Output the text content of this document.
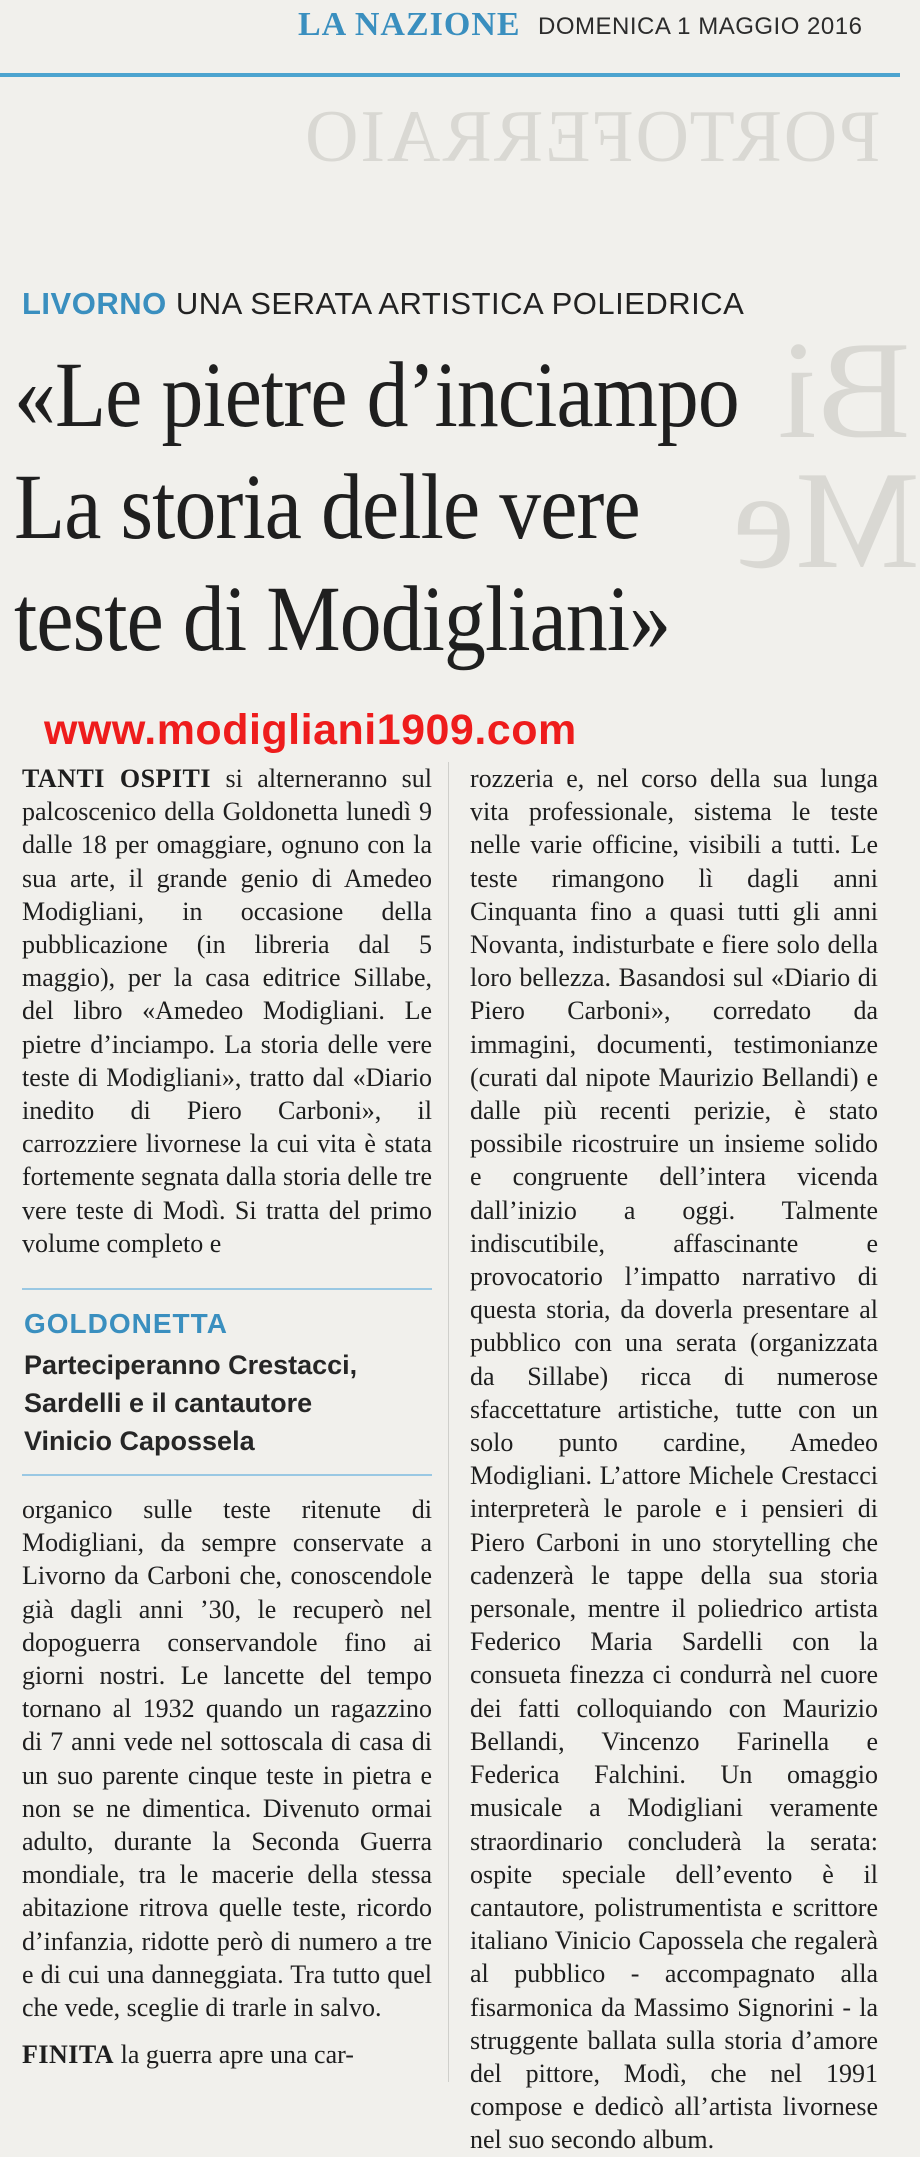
LA NAZIONE DOMENICA 1 MAGGIO 2016
PORTOFERRAIO
Bi
Me
LIVORNO UNA SERATA ARTISTICA POLIEDRICA
«Le pietre d’inciampo
La storia delle vere
teste di Modigliani»
www.modigliani1909.com
TANTI OSPITI si alterneranno sul palcoscenico della Goldonetta lunedì 9 dalle 18 per omaggiare, ognuno con la sua arte, il grande genio di Amedeo Modigliani, in occasione della pubblicazione (in libreria dal 5 maggio), per la casa editrice Sillabe, del libro «Amedeo Modigliani. Le pietre d’inciampo. La storia delle vere teste di Modigliani», tratto dal «Diario inedito di Piero Carboni», il carrozziere livornese la cui vita è stata fortemente segnata dalla storia delle tre vere teste di Modì. Si tratta del primo volume completo e
GOLDONETTA
Parteciperanno Crestacci,
Sardelli e il cantautore
Vinicio Capossela
organico sulle teste ritenute di Modigliani, da sempre conservate a Livorno da Carboni che, conoscendole già dagli anni ’30, le recuperò nel dopoguerra conservandole fino ai giorni nostri. Le lancette del tempo tornano al 1932 quando un ragazzino di 7 anni vede nel sottoscala di casa di un suo parente cinque teste in pietra e non se ne dimentica. Divenuto ormai adulto, durante la Seconda Guerra mondiale, tra le macerie della stessa abitazione ritrova quelle teste, ricordo d’infanzia, ridotte però di numero a tre e di cui una danneggiata. Tra tutto quel che vede, sceglie di trarle in salvo.
FINITA la guerra apre una car-
rozzeria e, nel corso della sua lunga vita professionale, sistema le teste nelle varie officine, visibili a tutti. Le teste rimangono lì dagli anni Cinquanta fino a quasi tutti gli anni Novanta, indisturbate e fiere solo della loro bellezza. Basandosi sul «Diario di Piero Carboni», corredato da immagini, documenti, testimonianze (curati dal nipote Maurizio Bellandi) e dalle più recenti perizie, è stato possibile ricostruire un insieme solido e congruente dell’intera vicenda dall’inizio a oggi. Talmente indiscutibile, affascinante e provocatorio l’impatto narrativo di questa storia, da doverla presentare al pubblico con una serata (organizzata da Sillabe) ricca di numerose sfaccettature artistiche, tutte con un solo punto cardine, Amedeo Modigliani. L’attore Michele Crestacci interpreterà le parole e i pensieri di Piero Carboni in uno storytelling che cadenzerà le tappe della sua storia personale, mentre il poliedrico artista Federico Maria Sardelli con la consueta finezza ci condurrà nel cuore dei fatti colloquiando con Maurizio Bellandi, Vincenzo Farinella e Federica Falchini. Un omaggio musicale a Modigliani veramente straordinario concluderà la serata: ospite speciale dell’evento è il cantautore, polistrumentista e scrittore italiano Vinicio Capossela che regalerà al pubblico - accompagnato alla fisarmonica da Massimo Signorini - la struggente ballata sulla storia d’amore del pittore, Modì, che nel 1991 compose e dedicò all’artista livornese nel suo secondo album.
